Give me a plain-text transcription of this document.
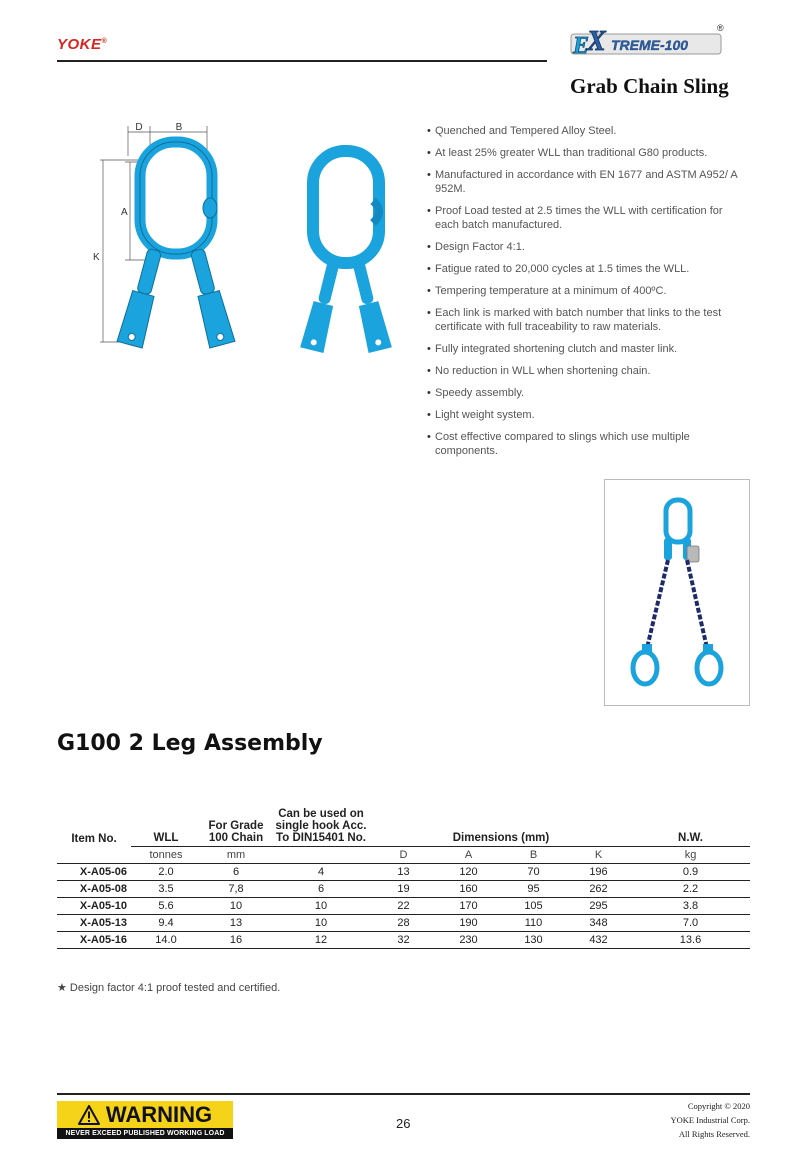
YOKE®	E
X TREME-100
®
Grab Chain Sling
D	B
A
K
• Quenched and Tempered Alloy Steel.
• At least 25% greater WLL than traditional G80 products.
• Manufactured in accordance with EN 1677 and ASTM A952/ A 952M.
• Proof Load tested at 2.5 times the WLL with certification for each batch manufactured.
• Design Factor 4:1.
• Fatigue rated to 20,000 cycles at 1.5 times the WLL.
• Tempering temperature at a minimum of 400ºC.
• Each link is marked with batch number that links to the test certificate with full traceability to raw materials.
• Fully integrated shortening clutch and master link.
• No reduction in WLL when shortening chain.
• Speedy assembly.
• Light weight system.
• Cost effective compared to slings which use multiple components.
G100 2 Leg Assembly
Item No.	WLL	For Grade 100 Chain	Can be used on single hook Acc. To DIN15401 No.	Dimensions (mm)				N.W.
	tonnes	mm		D	A	B	K	kg
X-A05-06	2.0	6	4	13	120	70	196	0.9
X-A05-08	3.5	7,8	6	19	160	95	262	2.2
X-A05-10	5.6	10	10	22	170	105	295	3.8
X-A05-13	9.4	13	10	28	190	110	348	7.0
X-A05-16	14.0	16	12	32	230	130	432	13.6
★ Design factor 4:1 proof tested and certified.
WARNING
NEVER EXCEED PUBLISHED WORKING LOAD LIMIT
26
Copyright © 2020
YOKE Industrial Corp.
All Rights Reserved.
